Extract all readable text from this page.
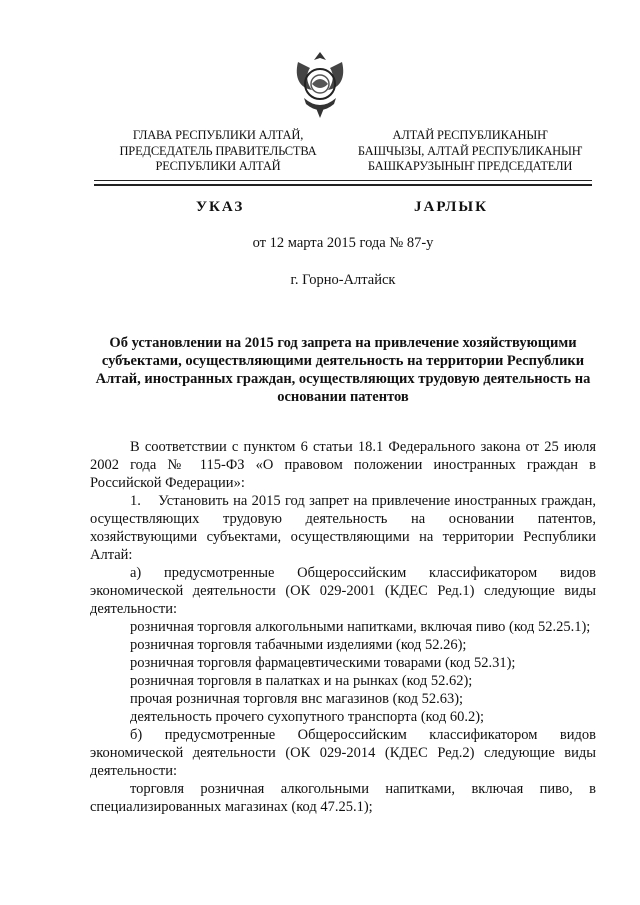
ГЛАВА РЕСПУБЛИКИ АЛТАЙ,
ПРЕДСЕДАТЕЛЬ ПРАВИТЕЛЬСТВА
РЕСПУБЛИКИ АЛТАЙ
АЛТАЙ РЕСПУБЛИКАНЫҤ
БАШЧЫЗЫ, АЛТАЙ РЕСПУБЛИКАНЫҤ
БАШКАРУЗЫНЫҤ ПРЕДСЕДАТЕЛИ
УКАЗ	JАРЛЫК
от 12 марта 2015 года № 87-у
г. Горно-Алтайск
Об установлении на 2015 год запрета на привлечение хозяйствующими субъектами, осуществляющими деятельность на территории Республики Алтай, иностранных граждан, осуществляющих трудовую деятельность на основании патентов

В соответствии с пунктом 6 статьи 18.1 Федерального закона от 25 июля 2002 года № 115-ФЗ «О правовом положении иностранных граждан в Российской Федерации»:

1.    Установить на 2015 год запрет на привлечение иностранных граждан, осуществляющих трудовую деятельность на основании патентов, хозяйствующими субъектами, осуществляющими на территории Республики Алтай:

а) предусмотренные Общероссийским классификатором видов экономической деятельности (ОК 029-2001 (КДЕС Ред.1) следующие виды деятельности:

розничная торговля алкогольными напитками, включая пиво (код 52.25.1);

розничная торговля табачными изделиями (код 52.26);

розничная торговля фармацевтическими товарами (код 52.31);

розничная торговля в палатках и на рынках (код 52.62);

прочая розничная торговля внс магазинов (код 52.63);

деятельность прочего сухопутного транспорта (код 60.2);

б) предусмотренные Общероссийским классификатором видов экономической деятельности (ОК 029-2014 (КДЕС Ред.2) следующие виды деятельности:

торговля розничная алкогольными напитками, включая пиво, в специализированных магазинах (код 47.25.1);
